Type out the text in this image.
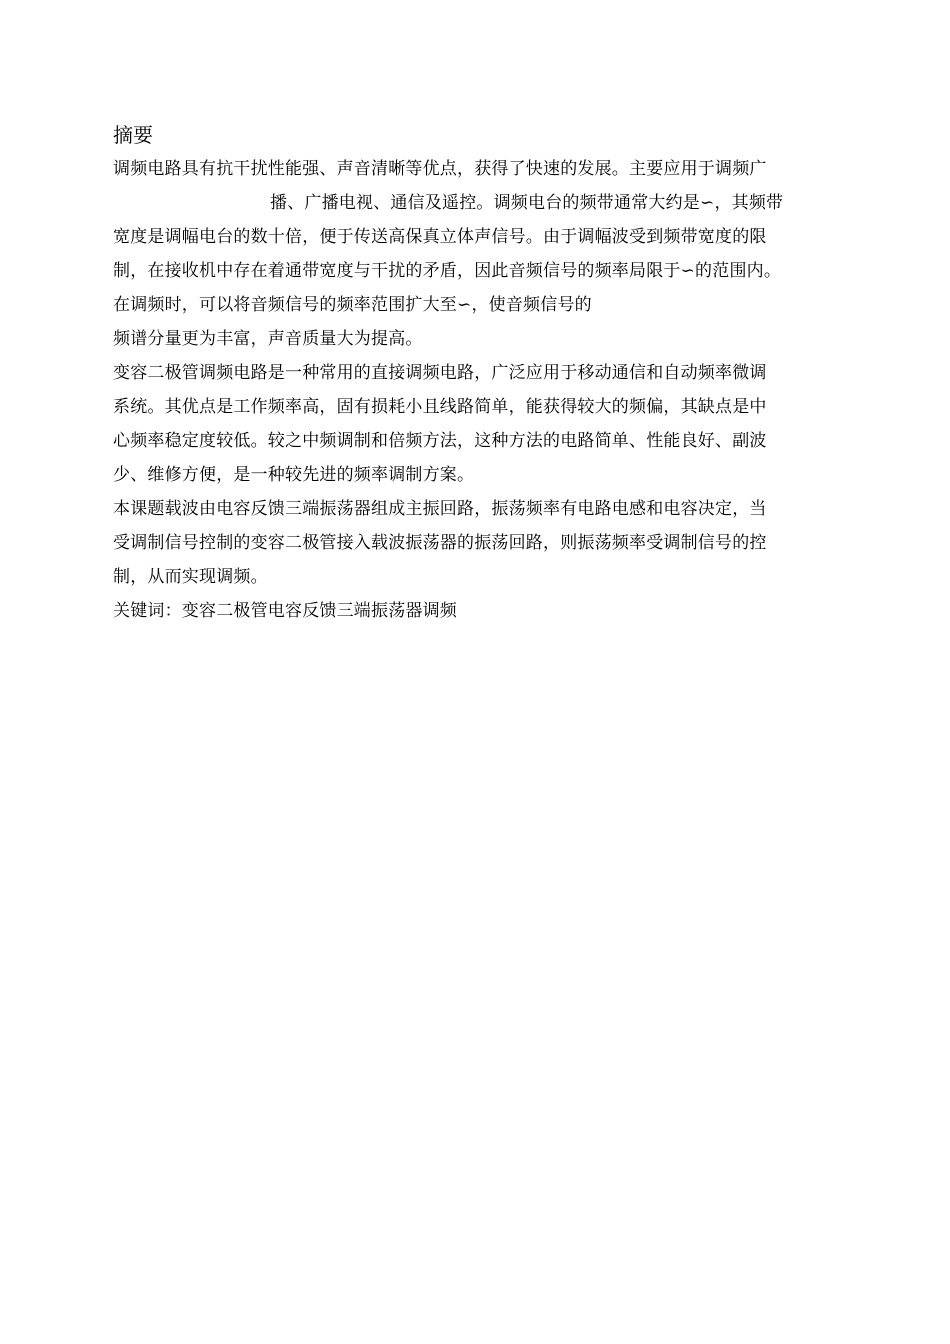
摘要
调频电路具有抗干扰性能强、声音清晰等优点，获得了快速的发展。主要应用于调频广
播、广播电视、通信及遥控。调频电台的频带通常大约是∽，其频带
宽度是调幅电台的数十倍，便于传送高保真立体声信号。由于调幅波受到频带宽度的限
制，在接收机中存在着通带宽度与干扰的矛盾，因此音频信号的频率局限于∽的范围内。
在调频时，可以将音频信号的频率范围扩大至∽，使音频信号的
频谱分量更为丰富，声音质量大为提高。
变容二极管调频电路是一种常用的直接调频电路，广泛应用于移动通信和自动频率微调
系统。其优点是工作频率高，固有损耗小且线路简单，能获得较大的频偏，其缺点是中
心频率稳定度较低。较之中频调制和倍频方法，这种方法的电路简单、性能良好、副波
少、维修方便，是一种较先进的频率调制方案。
本课题载波由电容反馈三端振荡器组成主振回路，振荡频率有电路电感和电容决定，当
受调制信号控制的变容二极管接入载波振荡器的振荡回路，则振荡频率受调制信号的控
制，从而实现调频。
关键词：变容二极管电容反馈三端振荡器调频
